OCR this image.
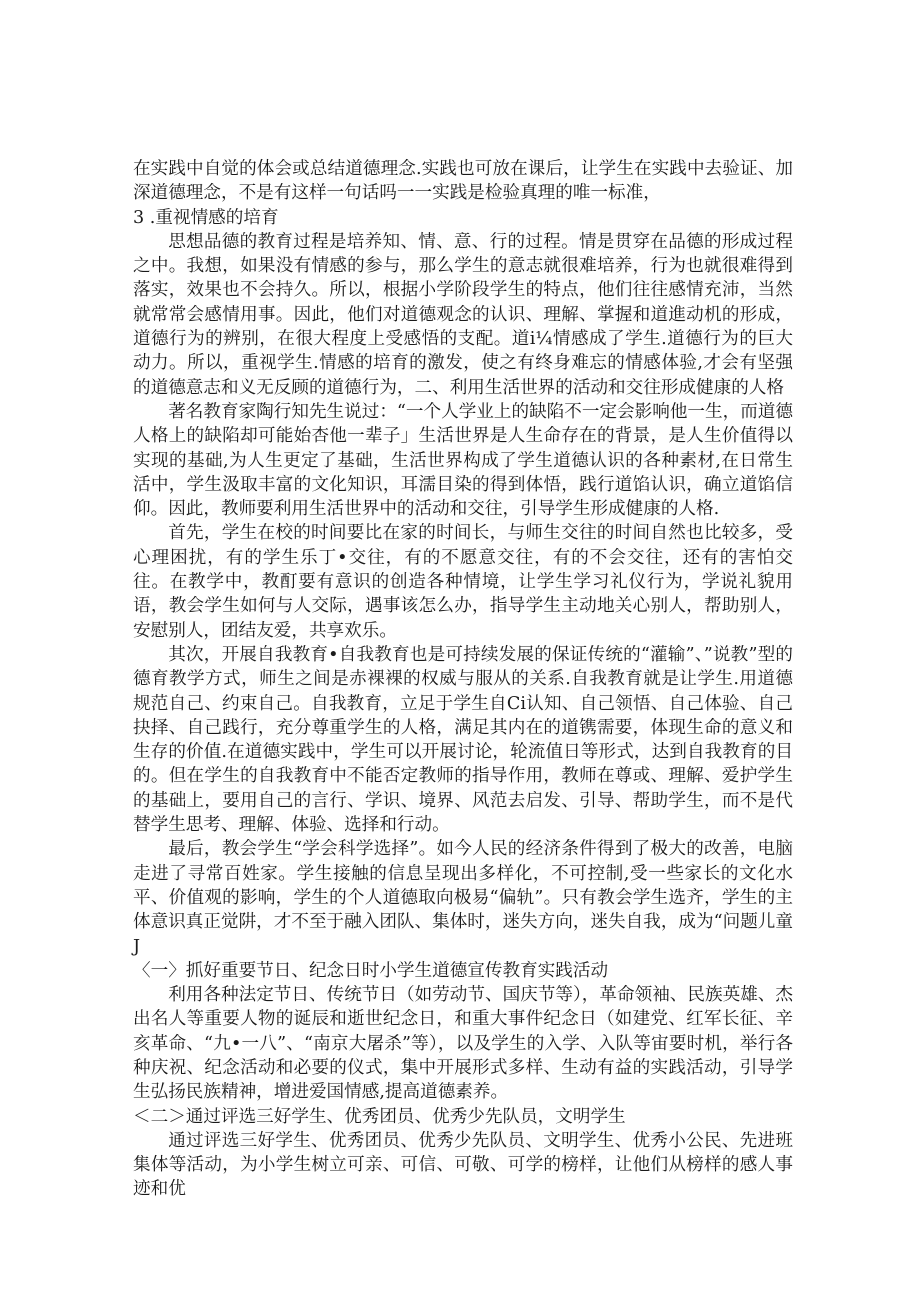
在实践中自觉的体会或总结道德理念.实践也可放在课后，让学生在实践中去验证、加深道德理念，不是有这样一句话吗一一实践是检验真理的唯一标准，

3 .重视情感的培育

思想品德的教育过程是培养知、情、意、行的过程。情是贯穿在品德的形成过程之中。我想，如果没有情感的参与，那么学生的意志就很难培养，行为也就很难得到落实，效果也不会持久。所以，根据小学阶段学生的特点，他们往往感情充沛，当然就常常会感情用事。因此，他们对道德观念的认识、理解、掌握和道進动机的形成，道德行为的辨别，在很大程度上受感悟的支配。道i¼情感成了学生.道德行为的巨大动力。所以，重视学生.情感的培育的激发，使之有终身难忘的情感体验,才会有坚强的道德意志和义无反顾的道德行为，二、利用生活世界的活动和交往形成健康的人格

著名教育家陶行知先生说过：“一个人学业上的缺陷不一定会影响他一生，而道德人格上的缺陷却可能始杏他一辈子」生活世界是人生命存在的背景，是人生价值得以实现的基础,为人生更定了基础，生活世界构成了学生道德认识的各种素材,在日常生活中，学生汲取丰富的文化知识，耳濡目染的得到体悟，践行道馅认识，确立道馅信仰。因此，教师要利用生活世界中的活动和交往，引导学生形成健康的人格.

首先，学生在校的时间要比在家的时间长，与师生交往的时间自然也比较多，受心理困扰，有的学生乐丁•交往，有的不愿意交往，有的不会交往，还有的害怕交往。在教学中，教酊要有意识的创造各种情境，让学生学习礼仪行为，学说礼貌用语，教会学生如何与人交际，遇事该怎么办，指导学生主动地关心别人，帮助别人，安慰别人，团结友爱，共享欢乐。

其次，开展自我教育•自我教育也是可持续发展的保证传统的“灌输”、”说教”型的德育教学方式，师生之间是赤裸裸的权威与服从的关系.自我教育就是让学生.用道德规范自己、约束自己。自我教育，立足于学生自Ci认知、自己领悟、自己体验、自己抉择、自己践行，充分尊重学生的人格，满足其内在的道镌需要，体现生命的意义和生存的价值.在道德实践中，学生可以开展讨论，轮流值日等形式，达到自我教育的目的。但在学生的自我教育中不能否定教师的指导作用，教师在尊或、理解、爱护学生的基础上，要用自己的言行、学识、境界、风范去启发、引导、帮助学生，而不是代替学生思考、理解、体验、选择和行动。

最后，教会学生“学会科学选择”。如今人民的经济条件得到了极大的改善，电脑走进了寻常百姓家。学生接触的信息呈现出多样化，不可控制,受一些家长的文化水平、价值观的影响，学生的个人道德取向极易“偏轨”。只有教会学生选齐，学生的主体意识真正觉阱，才不至于融入团队、集体时，迷失方向，迷失自我，成为“问题儿童J

〈一〉抓好重要节日、纪念日时小学生道德宣传教育实践活动

利用各种法定节日、传统节日（如劳动节、国庆节等），革命领袖、民族英雄、杰出名人等重要人物的诞辰和逝世纪念日，和重大事件纪念日（如建党、红军长征、辛亥革命、“九•一八”、“南京大屠杀”等），以及学生的入学、入队等宙要时机，举行各种庆祝、纪念活动和必要的仪式，集中开展形式多样、生动有益的实践活动，引导学生弘扬民族精神，增进爱国情感,提高道德素养。

＜二＞通过评选三好学生、优秀团员、优秀少先队员，文明学生

通过评选三好学生、优秀团员、优秀少先队员、文明学生、优秀小公民、先进班集体等活动，为小学生树立可亲、可信、可敬、可学的榜样，让他们从榜样的感人事迹和优
